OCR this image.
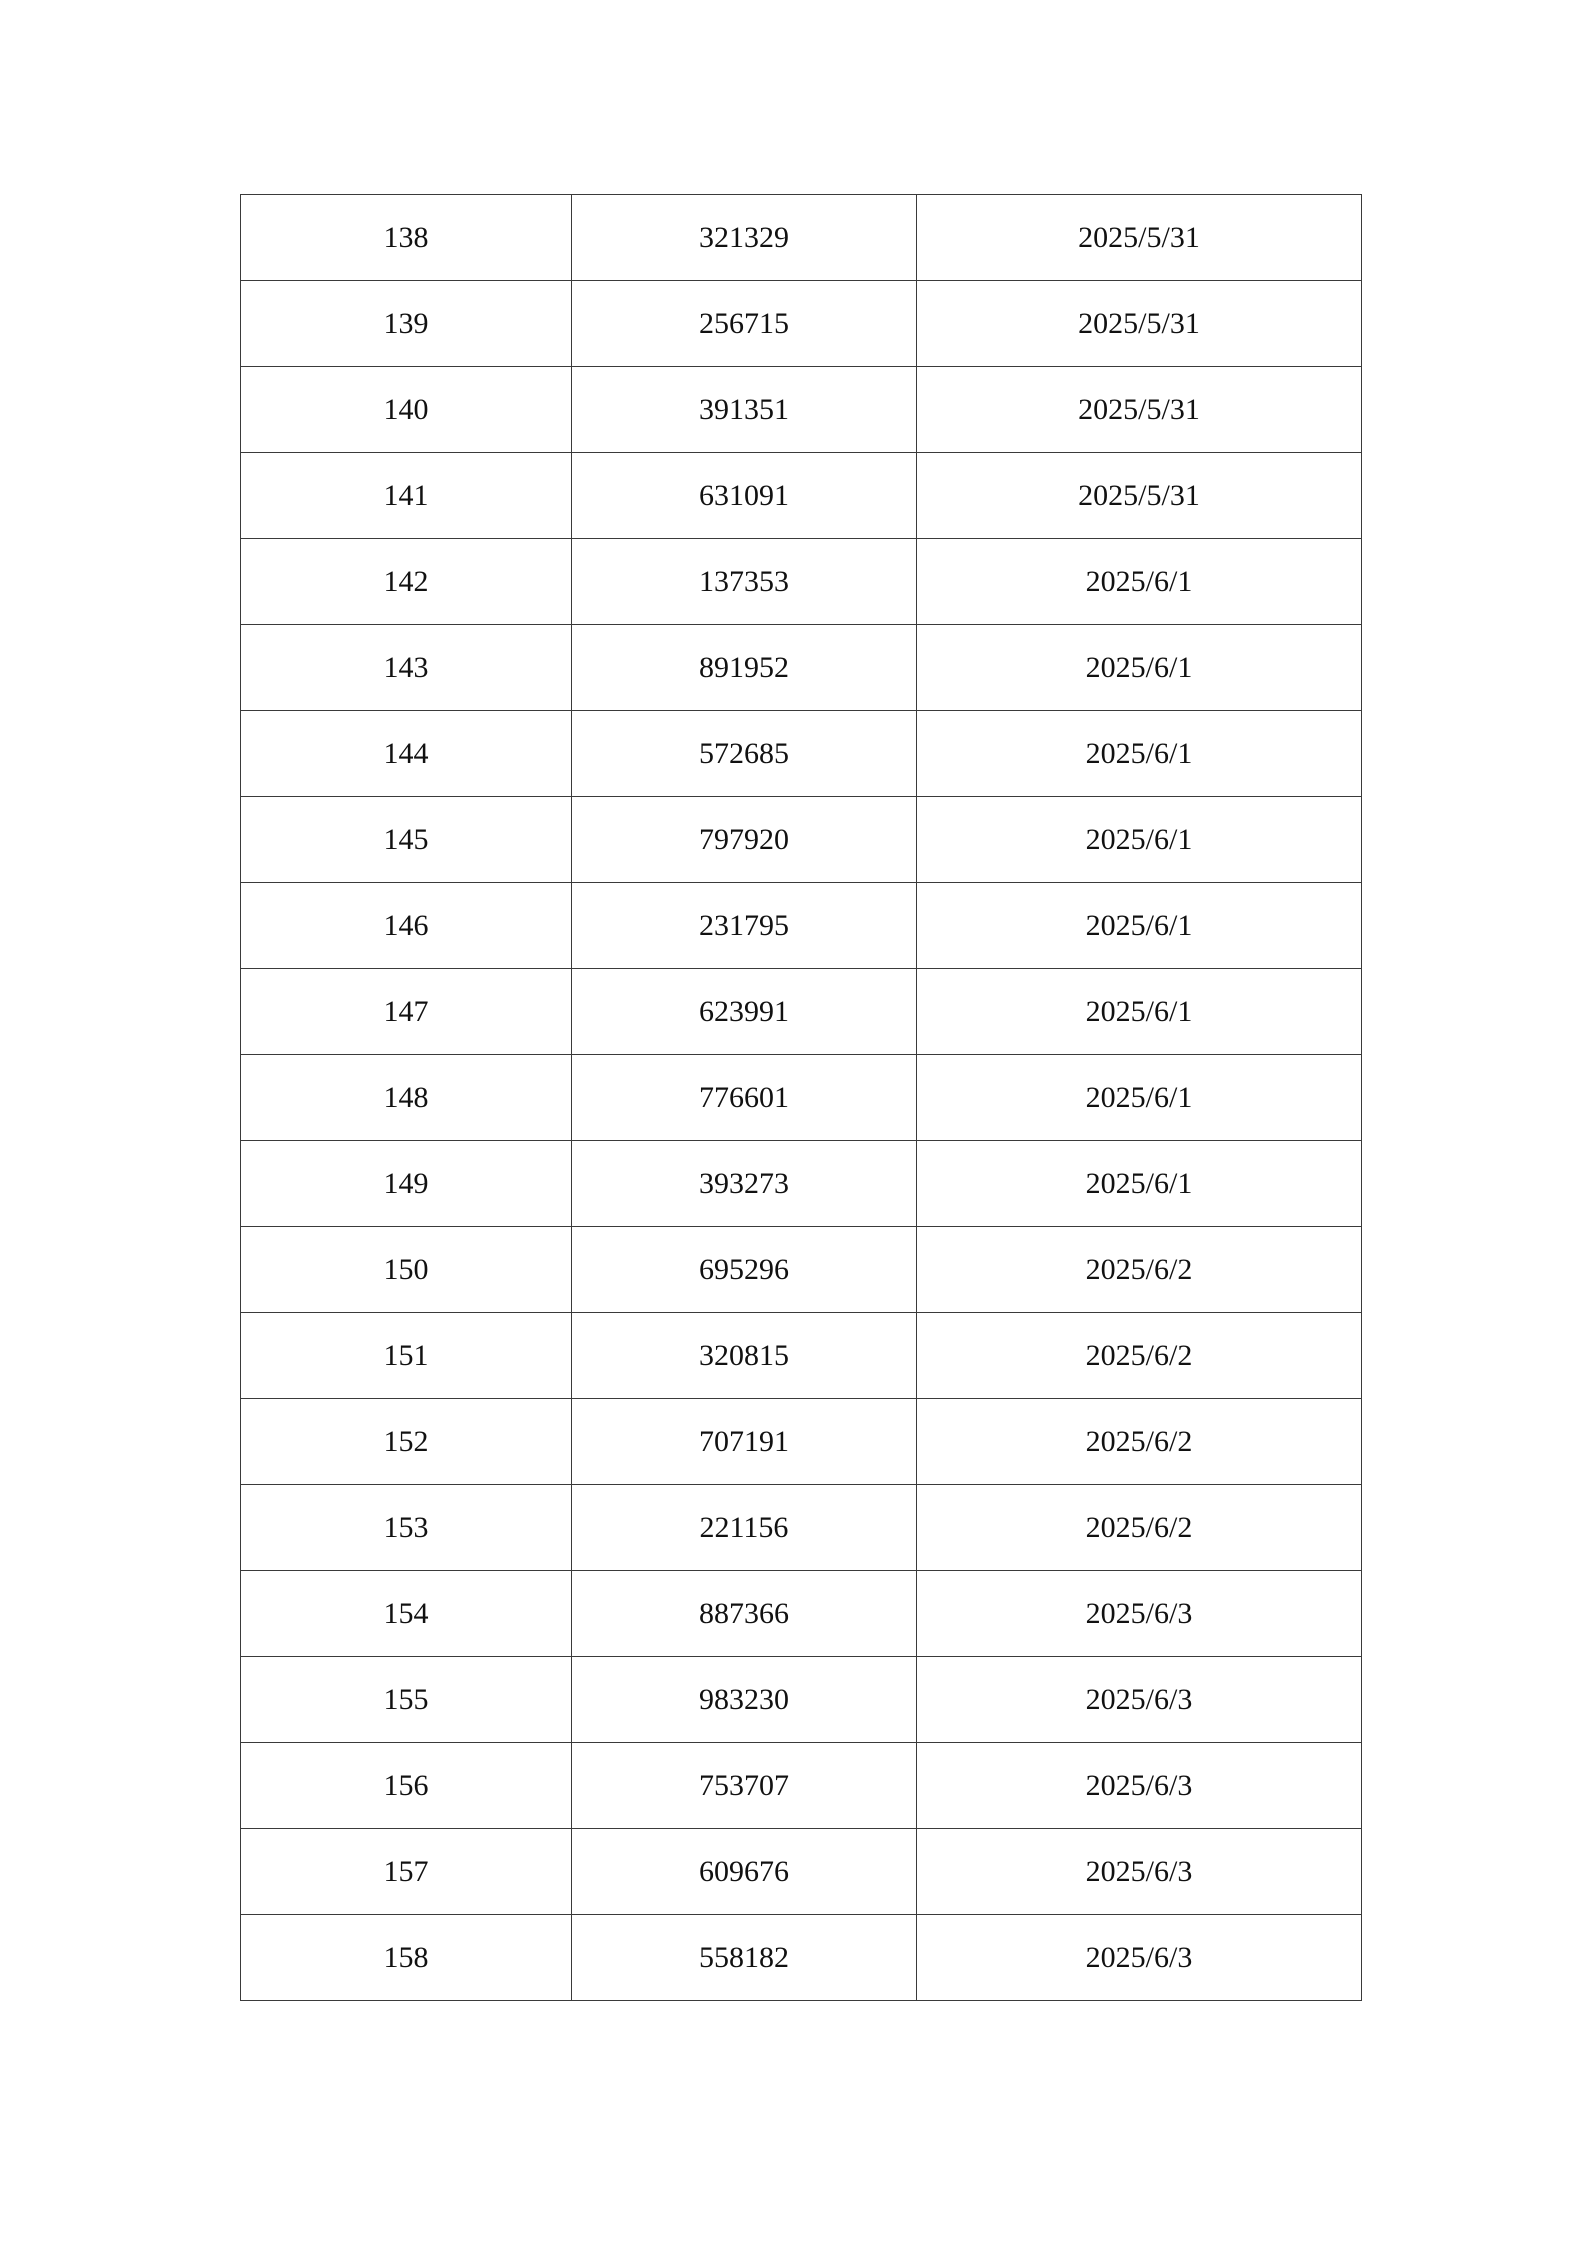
138	321329	2025/5/31
139	256715	2025/5/31
140	391351	2025/5/31
141	631091	2025/5/31
142	137353	2025/6/1
143	891952	2025/6/1
144	572685	2025/6/1
145	797920	2025/6/1
146	231795	2025/6/1
147	623991	2025/6/1
148	776601	2025/6/1
149	393273	2025/6/1
150	695296	2025/6/2
151	320815	2025/6/2
152	707191	2025/6/2
153	221156	2025/6/2
154	887366	2025/6/3
155	983230	2025/6/3
156	753707	2025/6/3
157	609676	2025/6/3
158	558182	2025/6/3
